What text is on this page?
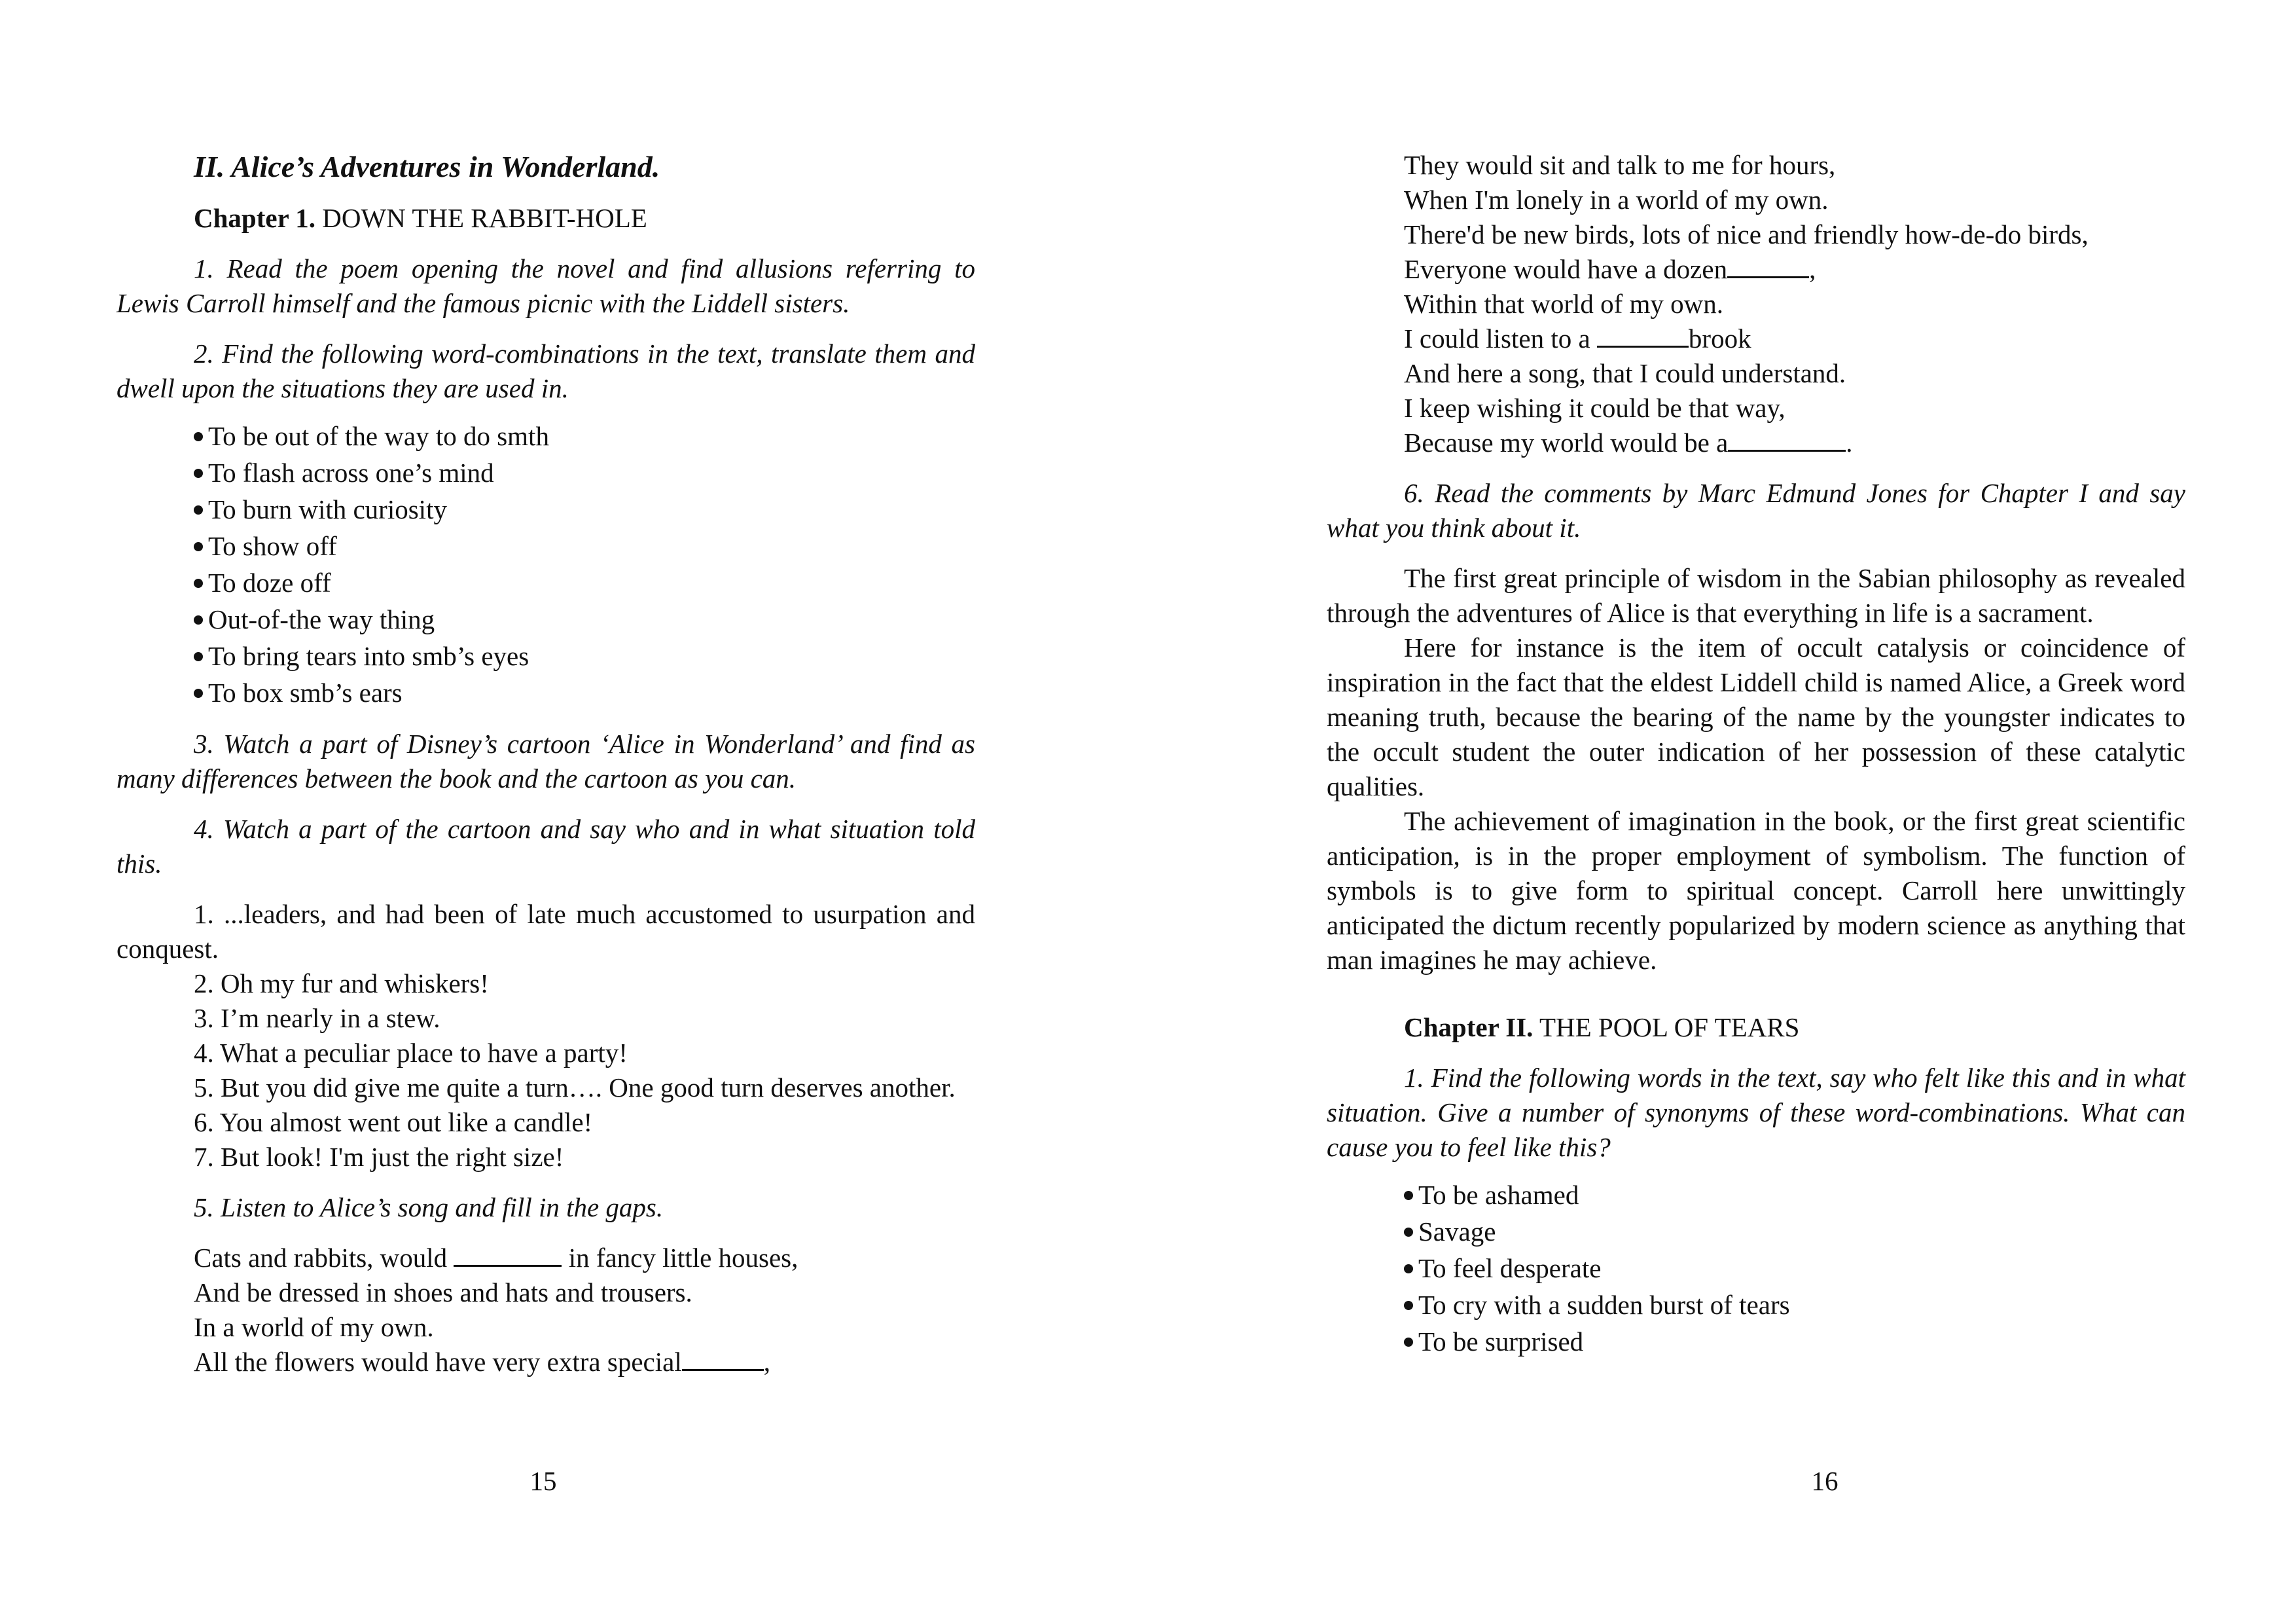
II. Alice’s Adventures in Wonderland.

Chapter 1. DOWN THE RABBIT-HOLE

1. Read the poem opening the novel and find allusions referring to Lewis Carroll himself and the famous picnic with the Liddell sisters.

2. Find the following word-combinations in the text, translate them and dwell upon the situations they are used in.

To be out of the way to do smth
To flash across one’s mind
To burn with curiosity
To show off
To doze off
Out-of-the way thing
To bring tears into smb’s eyes
To box smb’s ears

3. Watch a part of Disney’s cartoon ‘Alice in Wonderland’ and find as many differences between the book and the cartoon as you can.

4. Watch a part of the cartoon and say who and in what situation told this.

1. ...leaders, and had been of late much accustomed to usurpation and conquest.

2. Oh my fur and whiskers!

3. I’m nearly in a stew.

4. What a peculiar place to have a party!

5. But you did give me quite a turn…. One good turn deserves another.

6. You almost went out like a candle!

7. But look! I'm just the right size!

5. Listen to Alice’s song and fill in the gaps.

Cats and rabbits, would	in fancy little houses,

And be dressed in shoes and hats and trousers.

In a world of my own.

All the flowers would have very extra special	,

15

They would sit and talk to me for hours,

When I'm lonely in a world of my own.

There'd be new birds, lots of nice and friendly how-de-do birds,

Everyone would have a dozen	,

Within that world of my own.

I could listen to a	brook

And here a song, that I could understand.

I keep wishing it could be that way,

Because my world would be a	.

6. Read the comments by Marc Edmund Jones for Chapter I and say what you think about it.

The first great principle of wisdom in the Sabian philosophy as revealed through the adventures of Alice is that everything in life is a sacrament.

Here for instance is the item of occult catalysis or coincidence of inspiration in the fact that the eldest Liddell child is named Alice, a Greek word meaning truth, because the bearing of the name by the youngster indicates to the occult student the outer indication of her possession of these catalytic qualities.

The achievement of imagination in the book, or the first great scientific anticipation, is in the proper employment of symbolism. The function of symbols is to give form to spiritual concept. Carroll here unwittingly anticipated the dictum recently popularized by modern science as anything that man imagines he may achieve.

Chapter II. THE POOL OF TEARS

1. Find the following words in the text, say who felt like this and in what situation. Give a number of synonyms of these word-combinations. What can cause you to feel like this?

To be ashamed
Savage
To feel desperate
To cry with a sudden burst of tears
To be surprised
16
